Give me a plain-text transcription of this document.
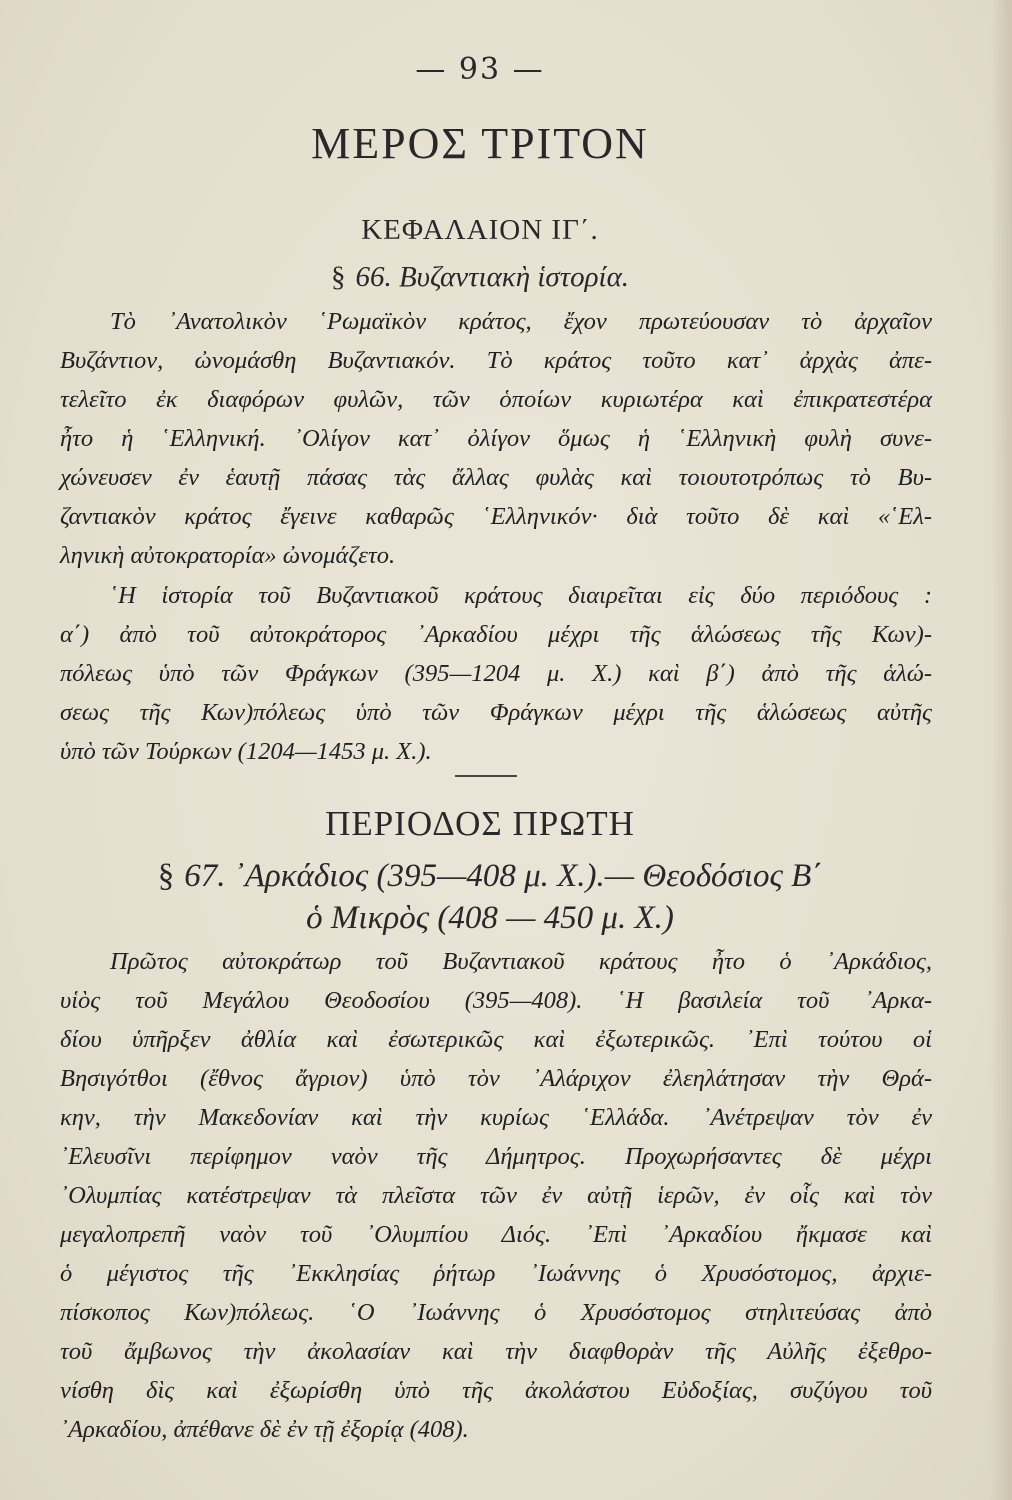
— 93 —
ΜΕΡΟΣ ΤΡΙΤΟΝ
ΚΕΦΑΛΑΙΟΝ ΙΓ΄.
§ 66. Βυζαντιακὴ ἱστορία.
Τὸ ᾿Ανατολικὸν ῾Ρωμαϊκὸν κράτος, ἔχον πρωτεύουσαν τὸ ἀρχαῖον
Βυζάντιον, ὠνομάσθη Βυζαντιακόν. Τὸ κράτος τοῦτο κατ᾿ ἀρχὰς ἀπε-
τελεῖτο ἐκ διαφόρων φυλῶν, τῶν ὁποίων κυριωτέρα καὶ ἐπικρατεστέρα
ἦτο ἡ ῾Ελληνική. ᾿Ολίγον κατ᾿ ὀλίγον ὅμως ἡ ῾Ελληνικὴ φυλὴ συνε-
χώνευσεν ἐν ἑαυτῇ πάσας τὰς ἄλλας φυλὰς καὶ τοιουτοτρόπως τὸ Βυ-
ζαντιακὸν κράτος ἔγεινε καθαρῶς ῾Ελληνικόν· διὰ τοῦτο δὲ καὶ «῾Ελ-
ληνικὴ αὐτοκρατορία» ὠνομάζετο.
῾Η ἱστορία τοῦ Βυζαντιακοῦ κράτους διαιρεῖται εἰς δύο περιόδους :
α΄) ἀπὸ τοῦ αὐτοκράτορος ᾿Αρκαδίου μέχρι τῆς ἁλώσεως τῆς Κων)-
πόλεως ὑπὸ τῶν Φράγκων (395—1204 μ. Χ.) καὶ β΄) ἀπὸ τῆς ἁλώ-
σεως τῆς Κων)πόλεως ὑπὸ τῶν Φράγκων μέχρι τῆς ἁλώσεως αὐτῆς
ὑπὸ τῶν Τούρκων (1204—1453 μ. Χ.).
ΠΕΡΙΟΔΟΣ ΠΡΩΤΗ
§ 67. ᾿Αρκάδιος (395—408 μ. Χ.).— Θεοδόσιος Β΄
ὁ Μικρὸς (408 — 450 μ. Χ.)
Πρῶτος αὐτοκράτωρ τοῦ Βυζαντιακοῦ κράτους ἦτο ὁ ᾿Αρκάδιος,
υἱὸς τοῦ Μεγάλου Θεοδοσίου (395—408). ῾Η βασιλεία τοῦ ᾿Αρκα-
δίου ὑπῆρξεν ἀθλία καὶ ἐσωτερικῶς καὶ ἐξωτερικῶς. ᾿Επὶ τούτου οἱ
Βησιγότθοι (ἔθνος ἄγριον) ὑπὸ τὸν ᾿Αλάριχον ἐλεηλάτησαν τὴν Θρά-
κην, τὴν Μακεδονίαν καὶ τὴν κυρίως ῾Ελλάδα. ᾿Ανέτρεψαν τὸν ἐν
᾿Ελευσῖνι περίφημον ναὸν τῆς Δήμητρος. Προχωρήσαντες δὲ μέχρι
᾿Ολυμπίας κατέστρεψαν τὰ πλεῖστα τῶν ἐν αὐτῇ ἱερῶν, ἐν οἷς καὶ τὸν
μεγαλοπρεπῆ ναὸν τοῦ ᾿Ολυμπίου Διός. ᾿Επὶ ᾿Αρκαδίου ἤκμασε καὶ
ὁ μέγιστος τῆς ᾿Εκκλησίας ῥήτωρ ᾿Ιωάννης ὁ Χρυσόστομος, ἀρχιε-
πίσκοπος Κων)πόλεως. ῾Ο ᾿Ιωάννης ὁ Χρυσόστομος στηλιτεύσας ἀπὸ
τοῦ ἄμβωνος τὴν ἀκολασίαν καὶ τὴν διαφθορὰν τῆς Αὐλῆς ἐξεθρο-
νίσθη δὶς καὶ ἐξωρίσθη ὑπὸ τῆς ἀκολάστου Εὐδοξίας, συζύγου τοῦ
᾿Αρκαδίου, ἀπέθανε δὲ ἐν τῇ ἐξορίᾳ (408).
